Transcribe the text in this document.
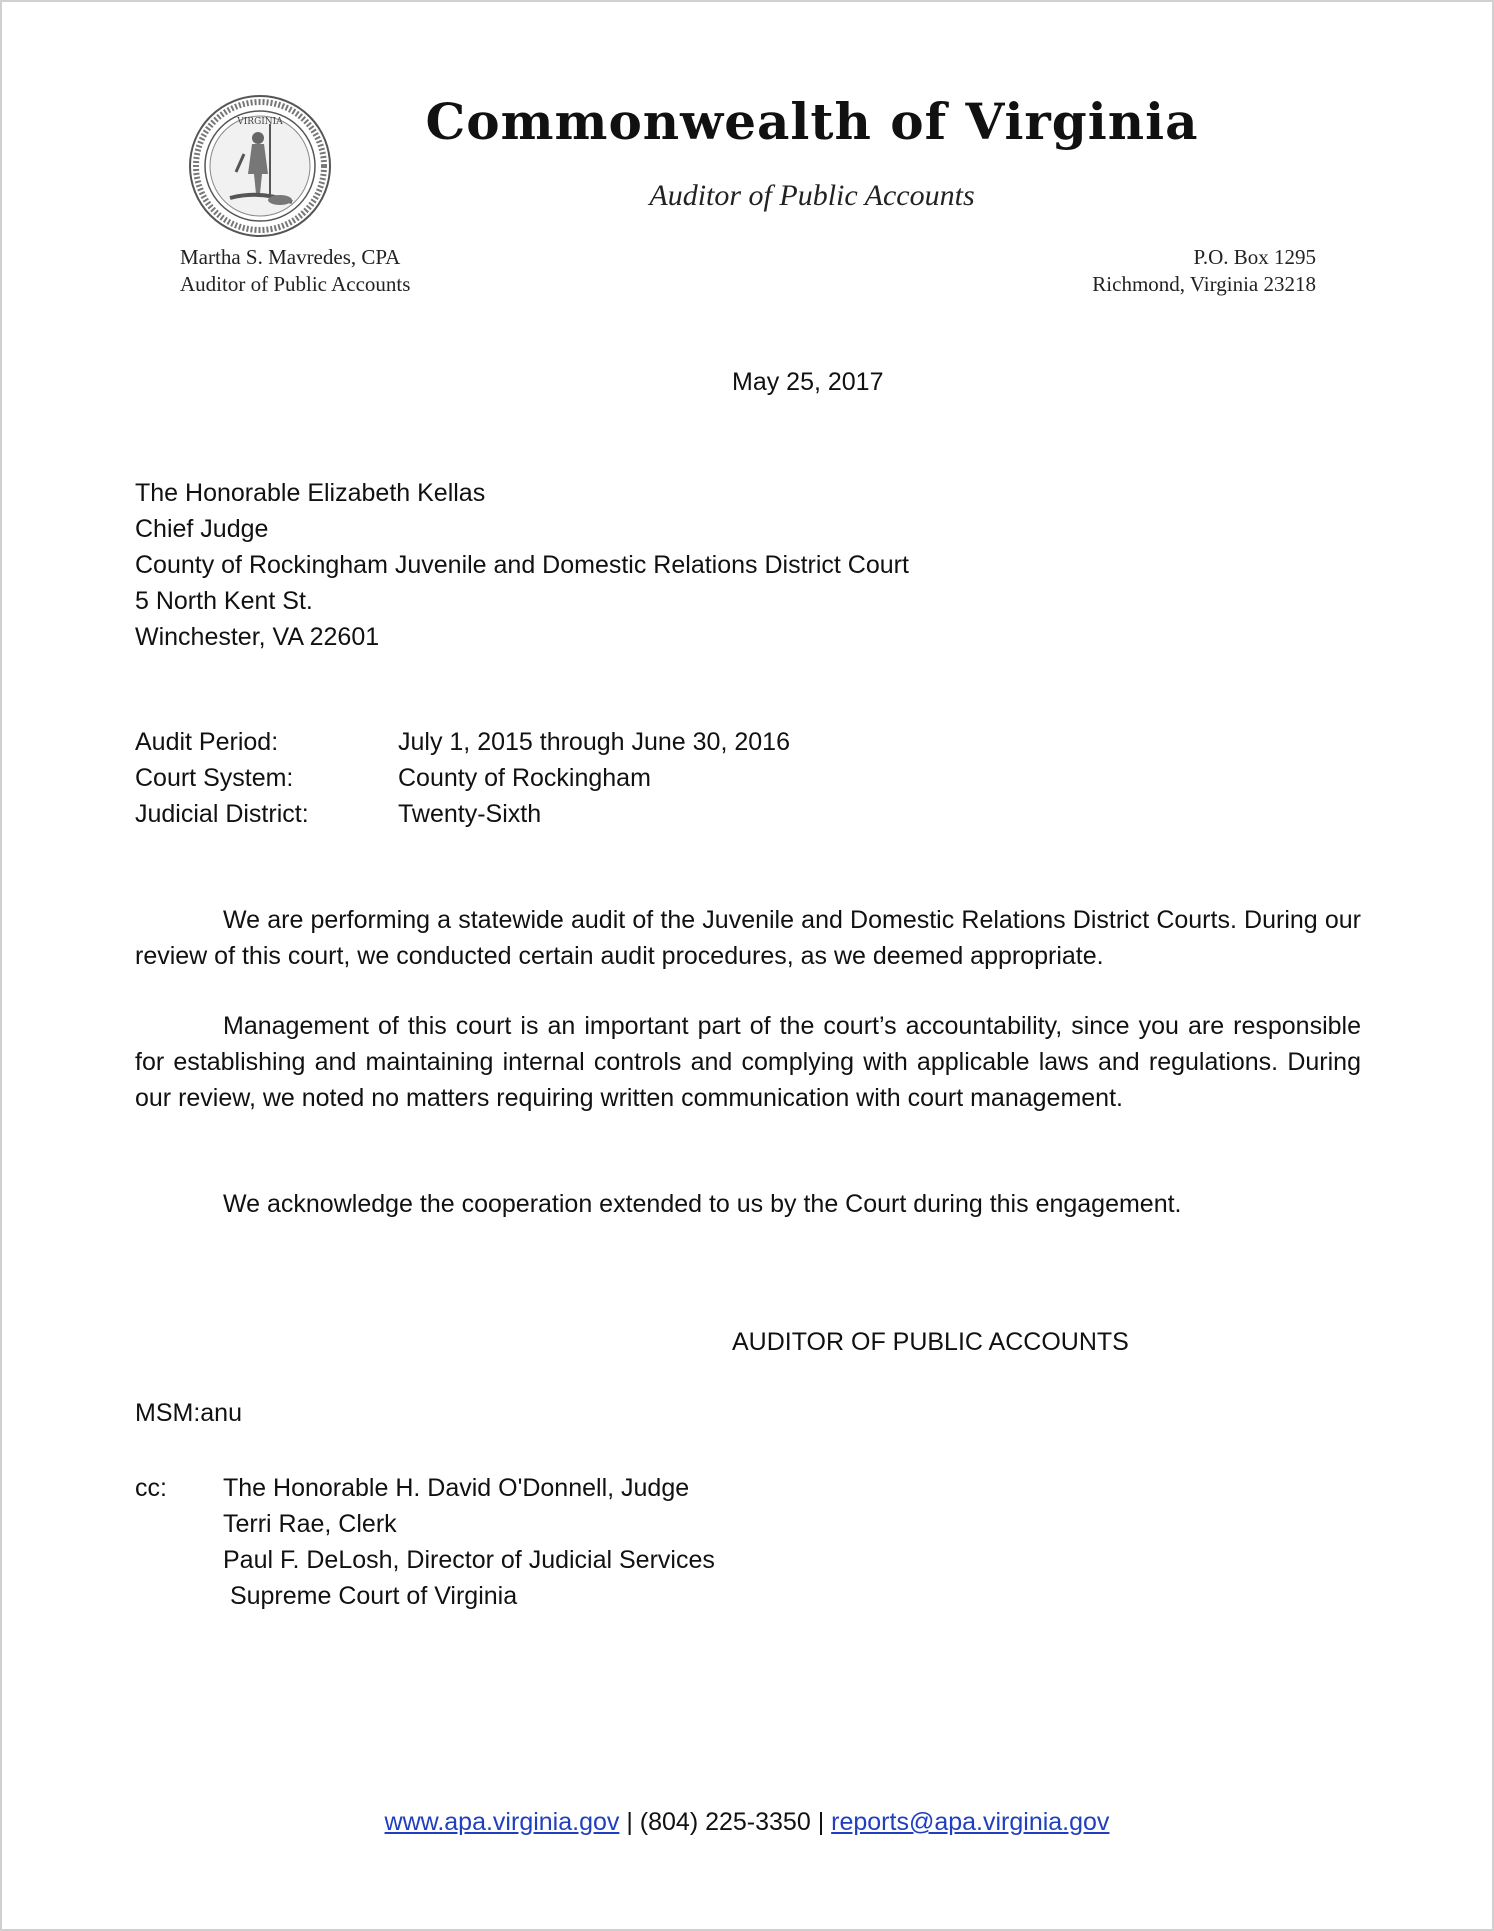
VIRGINIA	Commonwealth of Virginia
Auditor of Public Accounts
Martha S. Mavredes, CPA
Auditor of Public Accounts
P.O. Box 1295
Richmond, Virginia 23218
May 25, 2017
The Honorable Elizabeth Kellas
Chief Judge
County of Rockingham Juvenile and Domestic Relations District Court
5 North Kent St.
Winchester, VA 22601
Audit Period:	July 1, 2015 through June 30, 2016
Court System:	County of Rockingham
Judicial District:	Twenty-Sixth
We are performing a statewide audit of the Juvenile and Domestic Relations District Courts. During our review of this court, we conducted certain audit procedures, as we deemed appropriate.
Management of this court is an important part of the court’s accountability, since you are responsible for establishing and maintaining internal controls and complying with applicable laws and regulations. During our review, we noted no matters requiring written communication with court management.
We acknowledge the cooperation extended to us by the Court during this engagement.
AUDITOR OF PUBLIC ACCOUNTS
MSM:anu
cc:	The Honorable H. David O'Donnell, Judge
Terri Rae, Clerk
Paul F. DeLosh, Director of Judicial Services
Supreme Court of Virginia
www.apa.virginia.gov | (804) 225-3350 | reports@apa.virginia.gov
